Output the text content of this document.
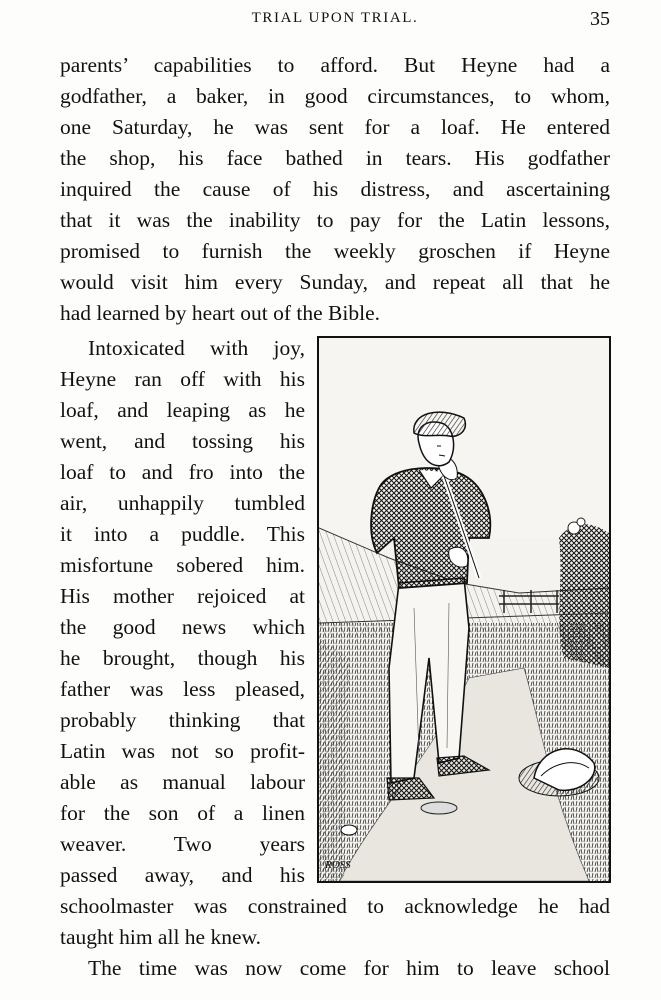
TRIAL UPON TRIAL.	35
parents’ capabilities to afford. But Heyne had a
godfather, a baker, in good circumstances, to whom,
one Saturday, he was sent for a loaf. He entered
the shop, his face bathed in tears. His godfather
inquired the cause of his distress, and ascertaining
that it was the inability to pay for the Latin lessons,
promised to furnish the weekly groschen if Heyne
would visit him every Sunday, and repeat all that he
had learned by heart out of the Bible.
Intoxicated with joy,
Heyne ran off with his
loaf, and leaping as he
went, and tossing his
loaf to and fro into the
air, unhappily tumbled
it into a puddle. This
misfortune sobered him.
His mother rejoiced at
the good news which
he brought, though his
father was less pleased,
probably thinking that
Latin was not so profit-
able as manual labour
for the son of a linen
weaver. Two years
passed away, and his
schoolmaster was constrained to acknowledge he had
taught him all he knew.
The time was now come for him to leave school
ROSS
